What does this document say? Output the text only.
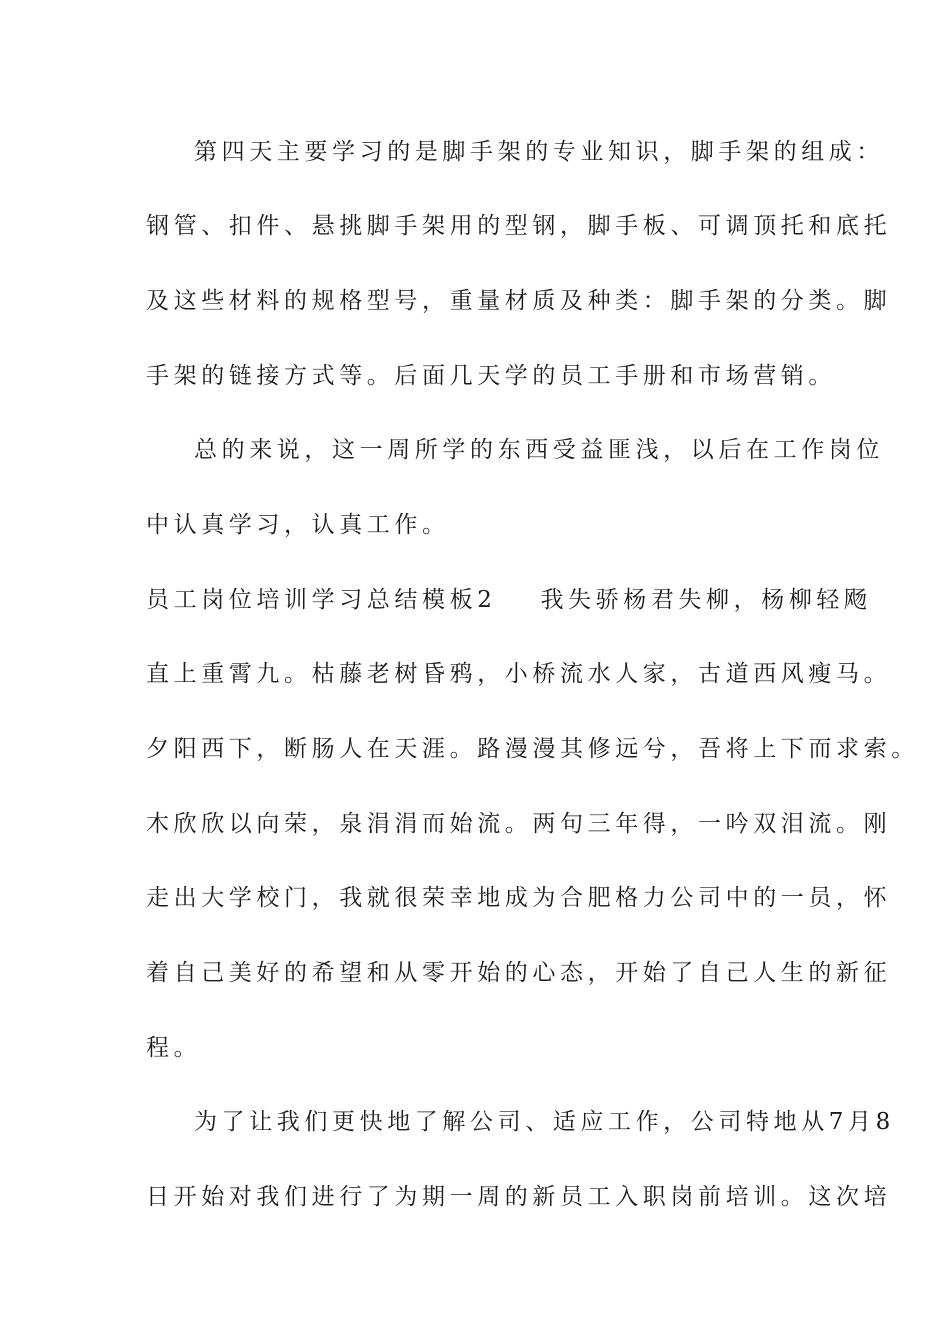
第四天主要学习的是脚手架的专业知识，脚手架的组成：
钢管、扣件、悬挑脚手架用的型钢，脚手板、可调顶托和底托
及这些材料的规格型号，重量材质及种类：脚手架的分类。脚
手架的链接方式等。后面几天学的员工手册和市场营销。
总的来说，这一周所学的东西受益匪浅，以后在工作岗位
中认真学习，认真工作。
员工岗位培训学习总结模板2 我失骄杨君失柳，杨柳轻飏
直上重霄九。枯藤老树昏鸦，小桥流水人家，古道西风瘦马。
夕阳西下，断肠人在天涯。路漫漫其修远兮，吾将上下而求索。
木欣欣以向荣，泉涓涓而始流。两句三年得，一吟双泪流。刚
走出大学校门，我就很荣幸地成为合肥格力公司中的一员，怀
着自己美好的希望和从零开始的心态，开始了自己人生的新征
程。
为了让我们更快地了解公司、适应工作，公司特地从7月8
日开始对我们进行了为期一周的新员工入职岗前培训。这次培
